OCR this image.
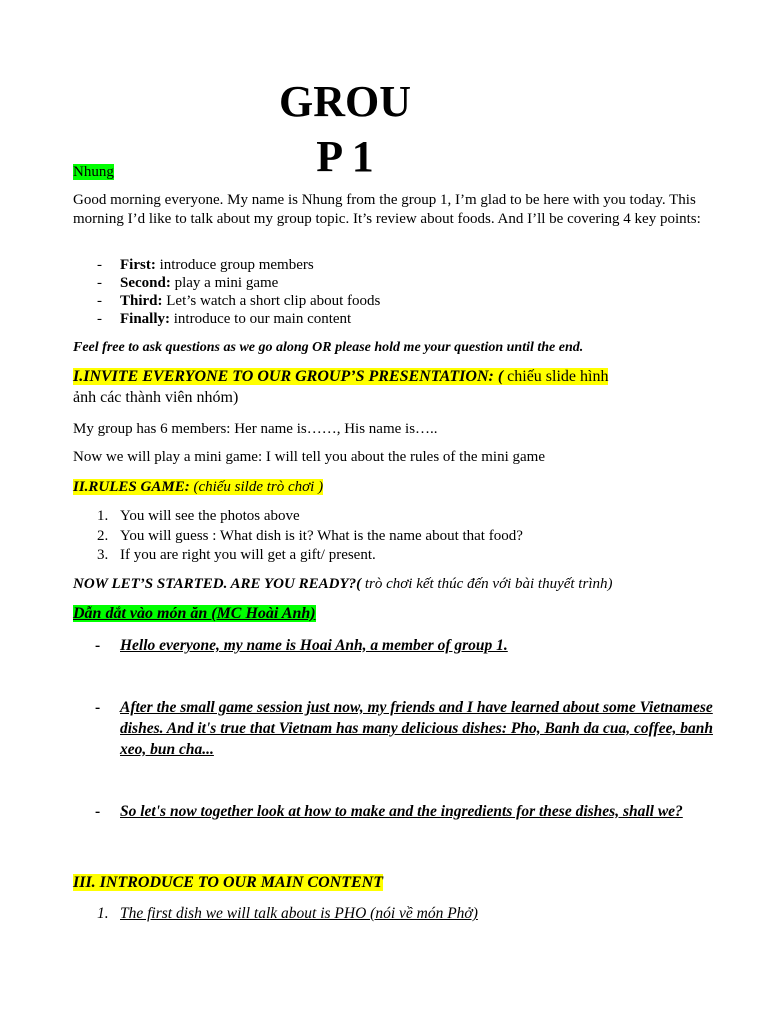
GROU
P 1
Nhung
Good morning everyone. My name is Nhung from the group 1, I’m glad to be here with you today. This morning I’d like to talk about my group topic. It’s review about foods. And I’ll be covering 4 key points:
- First: introduce group members
- Second: play a mini game
- Third: Let’s watch a short clip about foods
- Finally: introduce to our main content
Feel free to ask questions as we go along OR please hold me your question until the end.
I.INVITE EVERYONE TO OUR GROUP’S PRESENTATION: ( chiếu slide hình
ảnh các thành viên nhóm)
My group has 6 members: Her name is……, His name is…..
Now we will play a mini game: I will tell you about the rules of the mini game
II.RULES GAME: (chiếu silde trò chơi )
1. You will see the photos above
2. You will guess : What dish is it? What is the name about that food?
3. If you are right you will get a gift/ present.
NOW LET’S STARTED. ARE YOU READY?( trò chơi kết thúc đến với bài thuyết trình)
Dẫn dắt vào món ăn (MC Hoài Anh)
-	Hello everyone, my name is Hoai Anh, a member of group 1.
-	After the small game session just now, my friends and I have learned about some Vietnamese dishes. And it's true that Vietnam has many delicious dishes: Pho, Banh da cua, coffee, banh xeo, bun cha...
-	So let's now together look at how to make and the ingredients for these dishes, shall we?
III. INTRODUCE TO OUR MAIN CONTENT
1. The first dish we will talk about is PHO (nói về món Phở)
